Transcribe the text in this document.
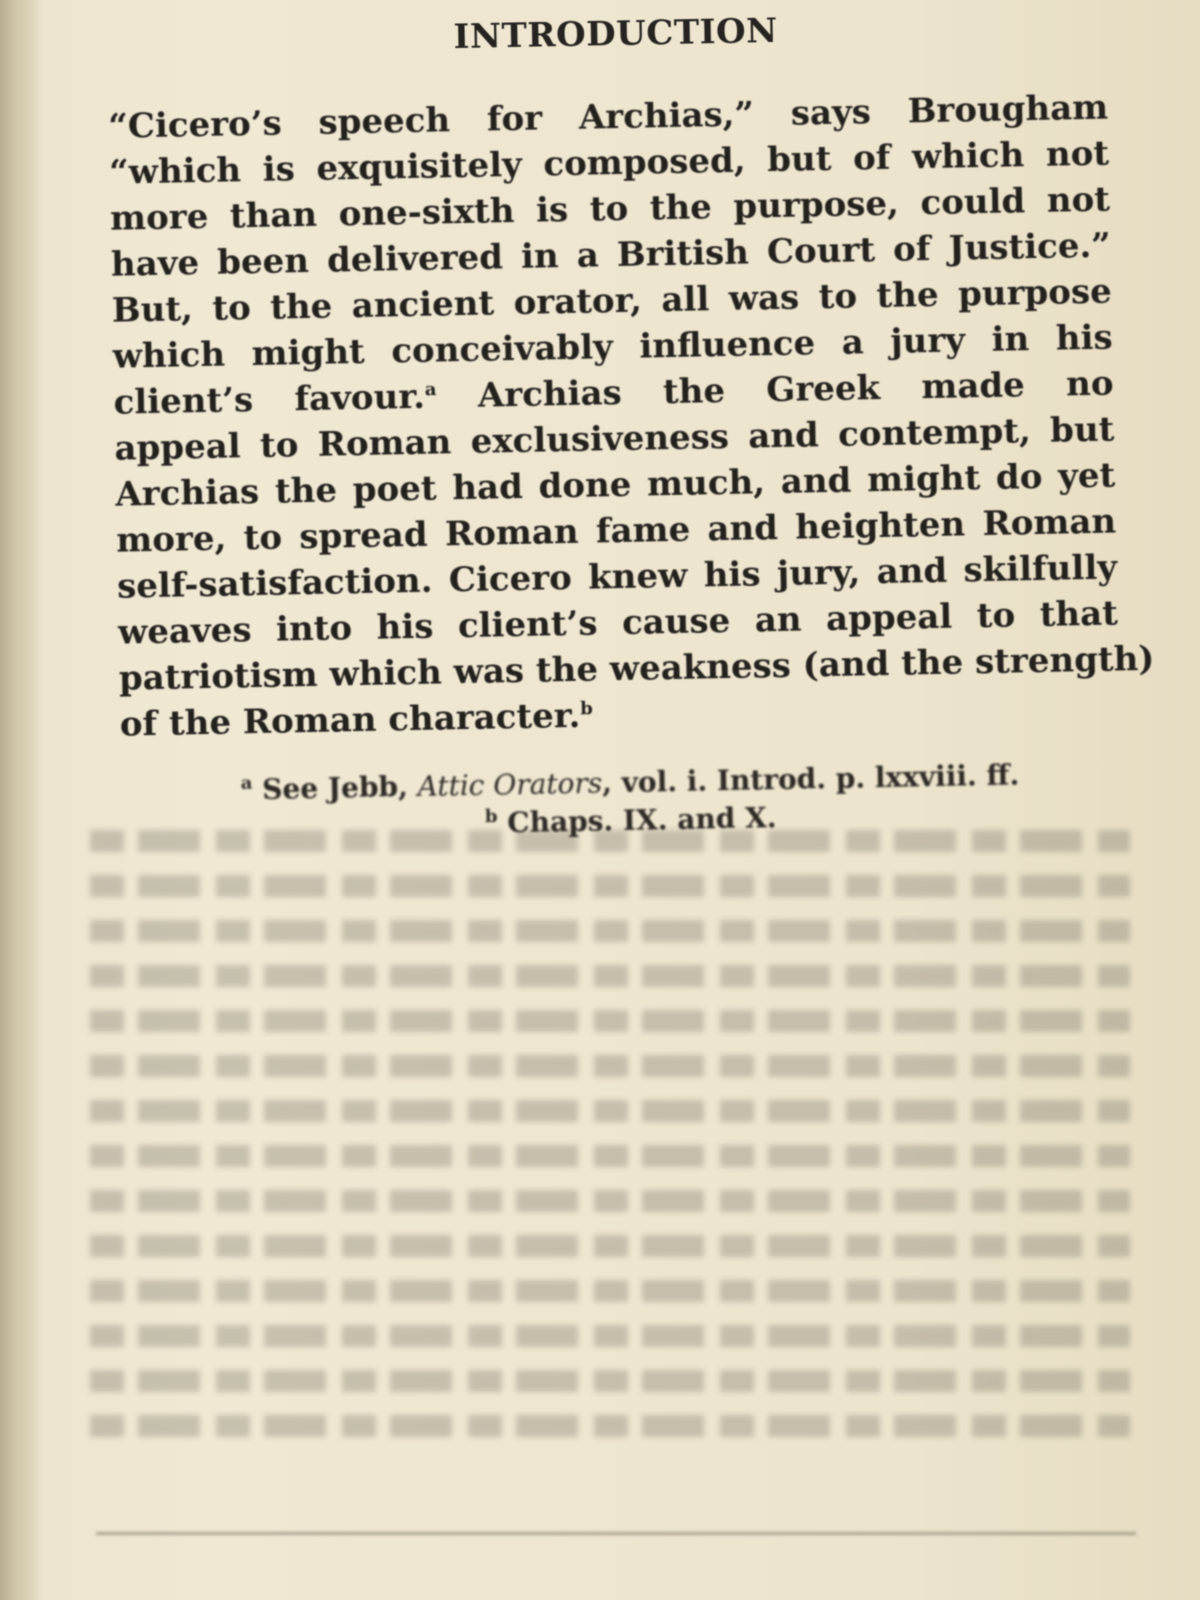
INTRODUCTION
“Cicero’s speech for Archias,” says Brougham
“which is exquisitely composed, but of which not
more than one-sixth is to the purpose, could not
have been delivered in a British Court of Justice.”
But, to the ancient orator, all was to the purpose
which might conceivably influence a jury in his
client’s favour.$^a$ Archias the Greek made no
appeal to Roman exclusiveness and contempt, but
Archias the poet had done much, and might do yet
more, to spread Roman fame and heighten Roman
self-satisfaction. Cicero knew his jury, and skilfully
weaves into his client’s cause an appeal to that
patriotism which was the weakness (and the strength)
of the Roman character.$^b$
$^a$ See Jebb, Attic Orators, vol. i. Introd. p. lxxviii. ff.
$^b$ Chaps. IX. and X.
